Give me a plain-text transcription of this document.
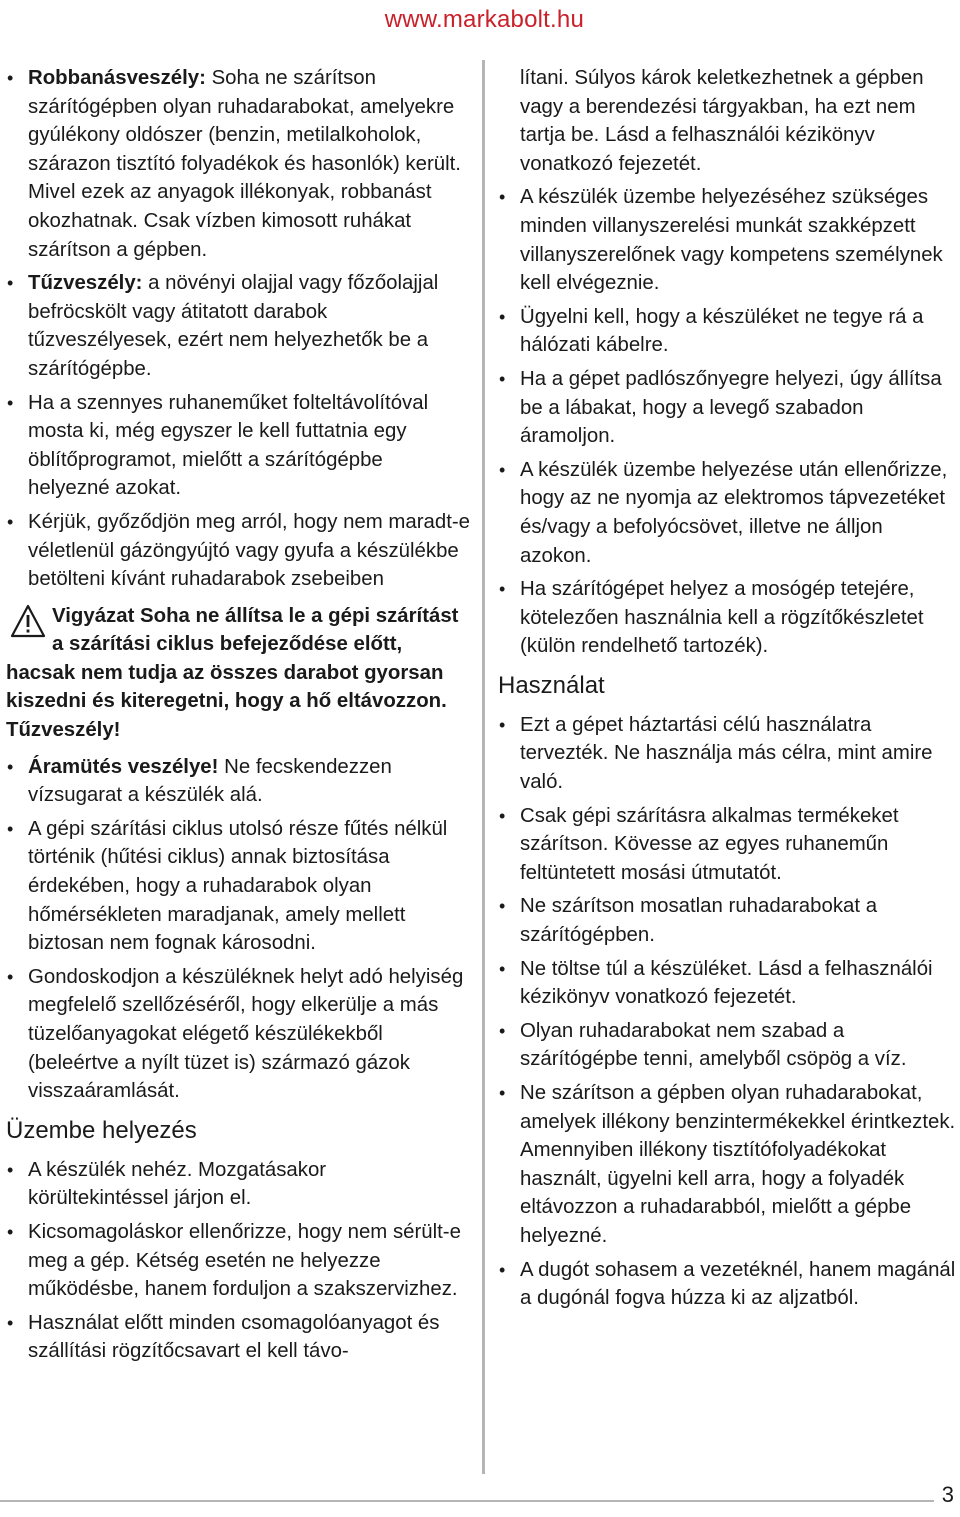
www.markabolt.hu
• Robbanásveszély: Soha ne szárítson szárítógépben olyan ruhadarabokat, amelyekre gyúlékony oldószer (benzin, metilalkoholok, szárazon tisztító folyadékok és hasonlók) került. Mivel ezek az anyagok illékonyak, robbanást okozhatnak. Csak vízben kimosott ruhákat szárítson a gépben.
• Tűzveszély: a növényi olajjal vagy főzőolajjal befröcskölt vagy átitatott darabok tűzveszélyesek, ezért nem helyezhetők be a szárítógépbe.
• Ha a szennyes ruhaneműket folteltávolítóval mosta ki, még egyszer le kell futtatnia egy öblítőprogramot, mielőtt a szárítógépbe helyezné azokat.
• Kérjük, győződjön meg arról, hogy nem maradt-e véletlenül gázöngyújtó vagy gyufa a készülékbe betölteni kívánt ruhadarabok zsebeiben
Vigyázat Soha ne állítsa le a gépi szárítást a szárítási ciklus befejeződése előtt, hacsak nem tudja az összes darabot gyorsan kiszedni és kiteregetni, hogy a hő eltávozzon. Tűzveszély!
• Áramütés veszélye! Ne fecskendezzen vízsugarat a készülék alá.
• A gépi szárítási ciklus utolsó része fűtés nélkül történik (hűtési ciklus) annak biztosítása érdekében, hogy a ruhadarabok olyan hőmérsékleten maradjanak, amely mellett biztosan nem fognak károsodni.
• Gondoskodjon a készüléknek helyt adó helyiség megfelelő szellőzéséről, hogy elkerülje a más tüzelőanyagokat elégető készülékekből (beleértve a nyílt tüzet is) származó gázok visszaáramlását.
Üzembe helyezés
• A készülék nehéz. Mozgatásakor körültekintéssel járjon el.
• Kicsomagoláskor ellenőrizze, hogy nem sérült-e meg a gép. Kétség esetén ne helyezze működésbe, hanem forduljon a szakszervizhez.
• Használat előtt minden csomagolóanyagot és szállítási rögzítőcsavart el kell távo-
lítani. Súlyos károk keletkezhetnek a gépben vagy a berendezési tárgyakban, ha ezt nem tartja be. Lásd a felhasználói kézikönyv vonatkozó fejezetét.
• A készülék üzembe helyezéséhez szükséges minden villanyszerelési munkát szakképzett villanyszerelőnek vagy kompetens személynek kell elvégeznie.
• Ügyelni kell, hogy a készüléket ne tegye rá a hálózati kábelre.
• Ha a gépet padlószőnyegre helyezi, úgy állítsa be a lábakat, hogy a levegő szabadon áramoljon.
• A készülék üzembe helyezése után ellenőrizze, hogy az ne nyomja az elektromos tápvezetéket és/vagy a befolyócsövet, illetve ne álljon azokon.
• Ha szárítógépet helyez a mosógép tetejére, kötelezően használnia kell a rögzítőkészletet (külön rendelhető tartozék).
Használat
• Ezt a gépet háztartási célú használatra tervezték. Ne használja más célra, mint amire való.
• Csak gépi szárításra alkalmas termékeket szárítson. Kövesse az egyes ruhaneműn feltüntetett mosási útmutatót.
• Ne szárítson mosatlan ruhadarabokat a szárítógépben.
• Ne töltse túl a készüléket. Lásd a felhasználói kézikönyv vonatkozó fejezetét.
• Olyan ruhadarabokat nem szabad a szárítógépbe tenni, amelyből csöpög a víz.
• Ne szárítson a gépben olyan ruhadarabokat, amelyek illékony benzintermékekkel érintkeztek. Amennyiben illékony tisztítófolyadékokat használt, ügyelni kell arra, hogy a folyadék eltávozzon a ruhadarabból, mielőtt a gépbe helyezné.
• A dugót sohasem a vezetéknél, hanem magánál a dugónál fogva húzza ki az aljzatból.
3
